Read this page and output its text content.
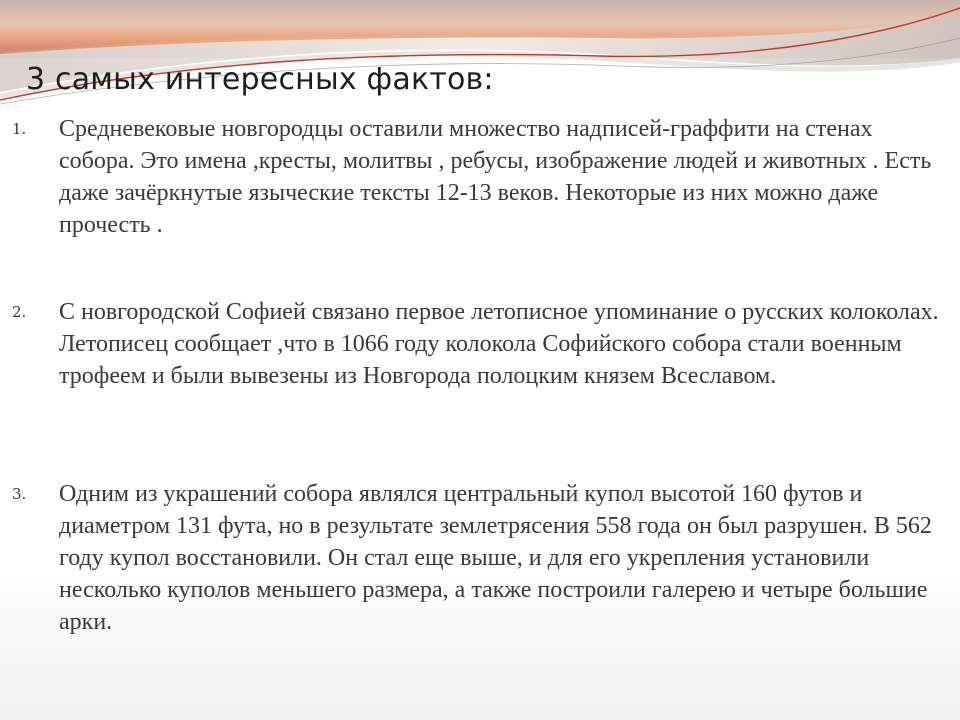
3 самых интересных фактов:
1. Средневековые новгородцы оставили множество надписей-граффити на стенах собора. Это имена ,кресты, молитвы , ребусы, изображение людей и животных . Есть даже зачёркнутые языческие тексты 12-13 веков. Некоторые из них можно даже прочесть .

2. С новгородской Софией связано первое летописное упоминание о русских колоколах. Летописец сообщает ,что в 1066 году колокола Софийского собора стали военным трофеем и были вывезены из Новгорода полоцким князем Всеславом.

3. Одним из украшений собора являлся центральный купол высотой 160 футов и диаметром 131 фута, но в результате землетрясения 558 года он был разрушен. В 562 году купол восстановили. Он стал еще выше, и для его укрепления установили несколько куполов меньшего размера, а также построили галерею и четыре большие арки.
